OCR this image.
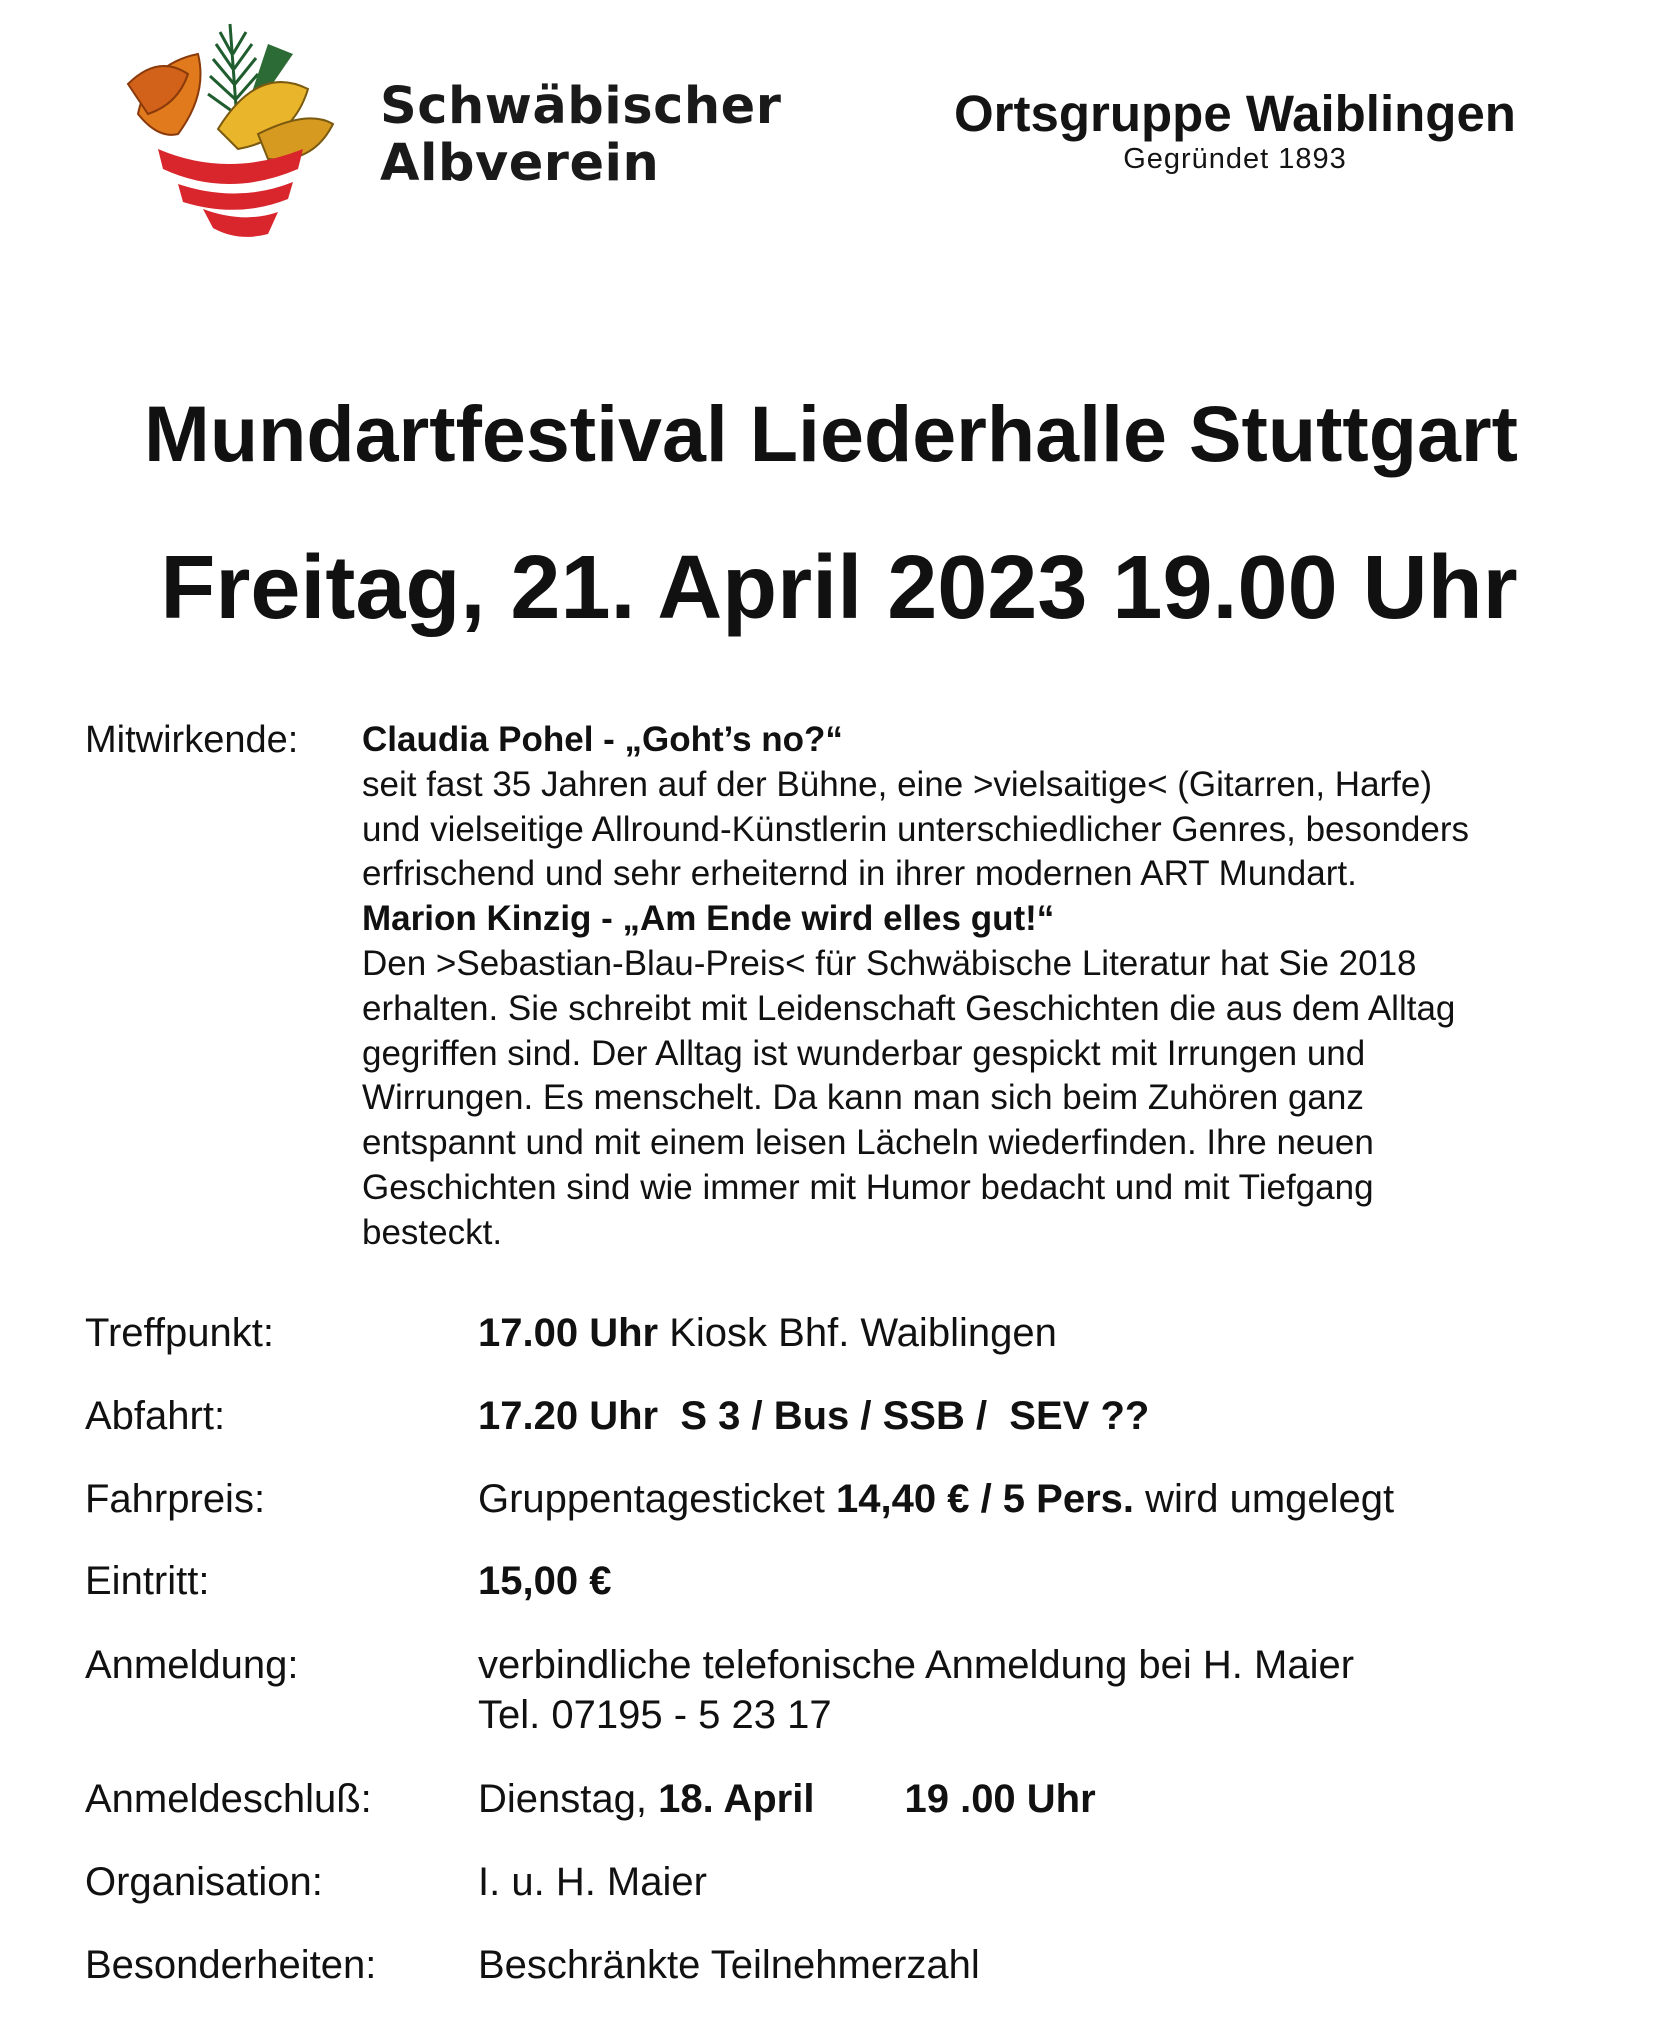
Schwäbischer
Albverein
Ortsgruppe Waiblingen
Gegründet 1893
Mundartfestival Liederhalle Stuttgart
Freitag, 21. April 2023 19.00 Uhr
Mitwirkende: Claudia Pohel - „Goht’s no?“

seit fast 35 Jahren auf der Bühne, eine >vielsaitige< (Gitarren, Harfe)

und vielseitige Allround-Künstlerin unterschiedlicher Genres, besonders

erfrischend und sehr erheiternd in ihrer modernen ART Mundart.

Marion Kinzig - „Am Ende wird elles gut!“

Den >Sebastian-Blau-Preis< für Schwäbische Literatur hat Sie 2018

erhalten. Sie schreibt mit Leidenschaft Geschichten die aus dem Alltag

gegriffen sind. Der Alltag ist wunderbar gespickt mit Irrungen und

Wirrungen. Es menschelt. Da kann man sich beim Zuhören ganz

entspannt und mit einem leisen Lächeln wiederfinden. Ihre neuen

Geschichten sind wie immer mit Humor bedacht und mit Tiefgang

besteckt.

Treffpunkt:	17.00 Uhr Kiosk Bhf. Waiblingen
Abfahrt:	17.20 Uhr  S 3 / Bus / SSB /  SEV ??
Fahrpreis:	Gruppentagesticket 14,40 € / 5 Pers. wird umgelegt
Eintritt:	15,00 €
Anmeldung:	verbindliche telefonische Anmeldung bei H. Maier
Tel. 07195 - 5 23 17
Anmeldeschluß:	Dienstag, 18. April 19 .00 Uhr
Organisation:	I. u. H. Maier
Besonderheiten:	Beschränkte Teilnehmerzahl
